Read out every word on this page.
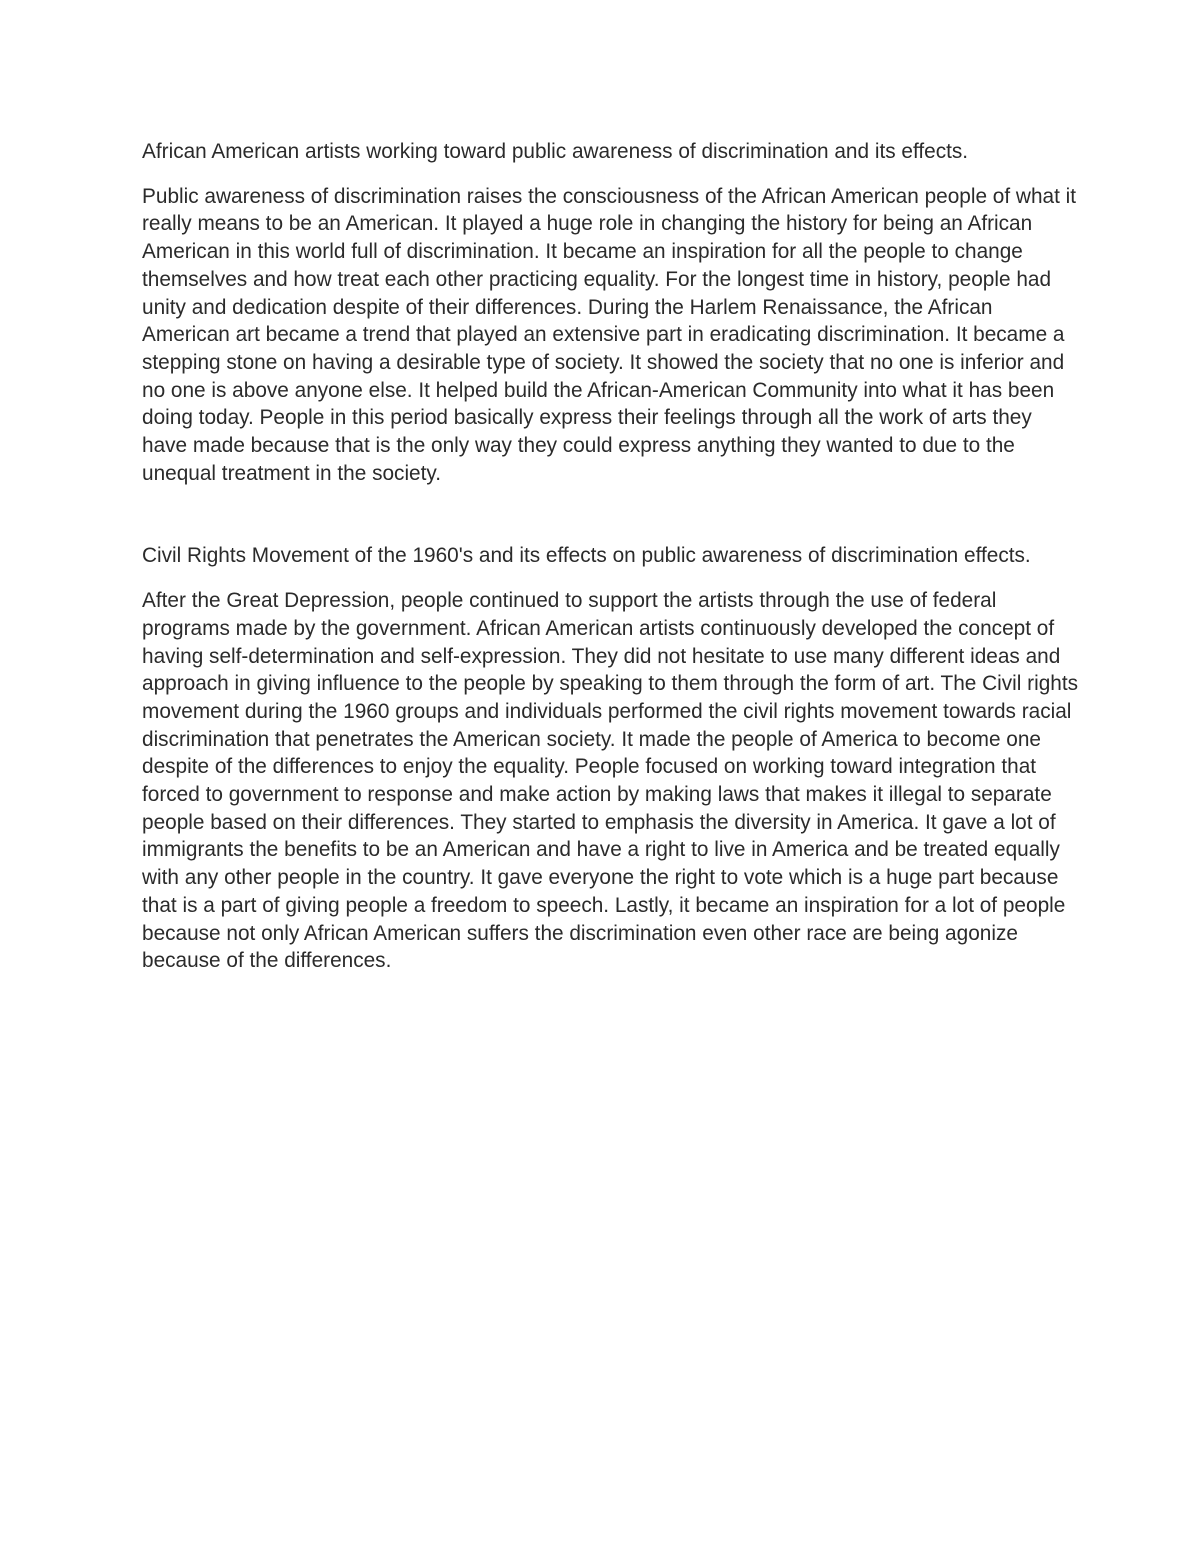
African American artists working toward public awareness of discrimination and its effects.

Public awareness of discrimination raises the consciousness of the African American people of what it really means to be an American. It played a huge role in changing the history for being an African American in this world full of discrimination. It became an inspiration for all the people to change themselves and how treat each other practicing equality. For the longest time in history, people had unity and dedication despite of their differences. During the Harlem Renaissance, the African American art became a trend that played an extensive part in eradicating discrimination. It became a stepping stone on having a desirable type of society. It showed the society that no one is inferior and no one is above anyone else. It helped build the African-American Community into what it has been doing today. People in this period basically express their feelings through all the work of arts they have made because that is the only way they could express anything they wanted to due to the unequal treatment in the society.

Civil Rights Movement of the 1960's and its effects on public awareness of discrimination effects.

After the Great Depression, people continued to support the artists through the use of federal programs made by the government. African American artists continuously developed the concept of having self-determination and self-expression. They did not hesitate to use many different ideas and approach in giving influence to the people by speaking to them through the form of art. The Civil rights movement during the 1960 groups and individuals performed the civil rights movement towards racial discrimination that penetrates the American society. It made the people of America to become one despite of the differences to enjoy the equality. People focused on working toward integration that forced to government to response and make action by making laws that makes it illegal to separate people based on their differences. They started to emphasis the diversity in America. It gave a lot of immigrants the benefits to be an American and have a right to live in America and be treated equally with any other people in the country. It gave everyone the right to vote which is a huge part because that is a part of giving people a freedom to speech. Lastly, it became an inspiration for a lot of people because not only African American suffers the discrimination even other race are being agonize because of the differences.
